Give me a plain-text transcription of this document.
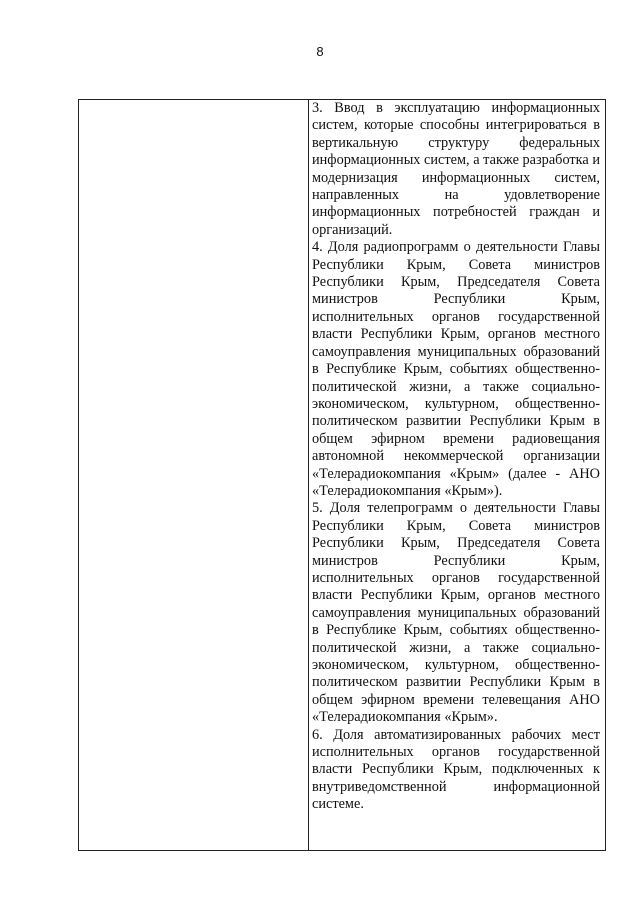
8

3. Ввод в эксплуатацию информационных систем, которые способны интегрироваться в вертикальную структуру федеральных информационных систем, а также разработка и модернизация информационных систем, направленных на удовлетворение информационных потребностей граждан и организаций.

4. Доля радиопрограмм о деятельности Главы Республики Крым, Совета министров Республики Крым, Председателя Совета министров Республики Крым, исполнительных органов государственной власти Республики Крым, органов местного самоуправления муниципальных образований в Республике Крым, событиях общественно-политической жизни, а также социально-экономическом, культурном, общественно-политическом развитии Республики Крым в общем эфирном времени радиовещания автономной некоммерческой организации «Телерадиокомпания «Крым» (далее - АНО «Телерадиокомпания «Крым»).

5. Доля телепрограмм о деятельности Главы Республики Крым, Совета министров Республики Крым, Председателя Совета министров Республики Крым, исполнительных органов государственной власти Республики Крым, органов местного самоуправления муниципальных образований в Республике Крым, событиях общественно-политической жизни, а также социально-экономическом, культурном, общественно-политическом развитии Республики Крым в общем эфирном времени телевещания АНО «Телерадиокомпания «Крым».

6. Доля автоматизированных рабочих мест исполнительных органов государственной власти Республики Крым, подключенных к внутриведомственной информационной системе.
